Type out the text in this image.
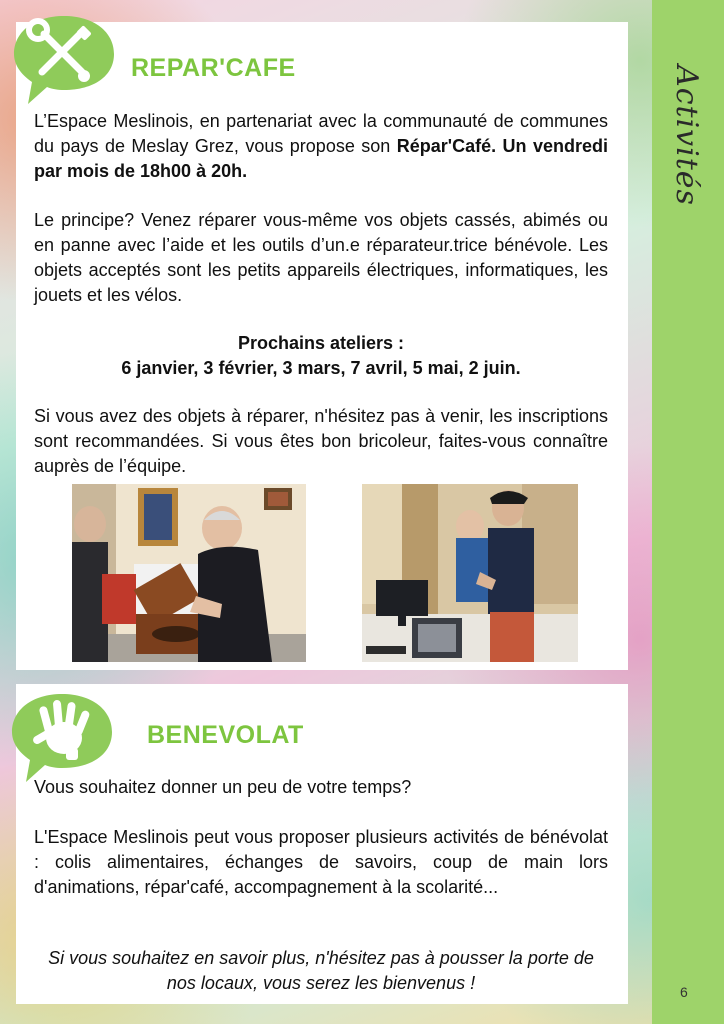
Activités
REPAR'CAFE

L’Espace Meslinois, en partenariat avec la communauté de communes du pays de Meslay Grez, vous propose son Répar'Café. Un vendredi par mois de 18h00 à 20h.

Le principe? Venez réparer vous-même vos objets cassés, abimés ou en panne avec l’aide et les outils d’un.e réparateur.trice bénévole. Les objets acceptés sont les petits appareils électriques, informatiques, les jouets et les vélos.

Prochains ateliers :
6 janvier, 3 février, 3 mars, 7 avril, 5 mai, 2 juin.

Si vous avez des objets à réparer, n'hésitez pas à venir, les inscriptions sont recommandées. Si vous êtes bon bricoleur, faites-vous connaître auprès de l’équipe.

BENEVOLAT

Vous souhaitez donner un peu de votre temps?

L'Espace Meslinois peut vous proposer plusieurs activités de bénévolat : colis alimentaires, échanges de savoirs, coup de main lors d'animations, répar'café, accompagnement à la scolarité...

Si vous souhaitez en savoir plus, n'hésitez pas à pousser la porte de nos locaux, vous serez les bienvenus !	6
